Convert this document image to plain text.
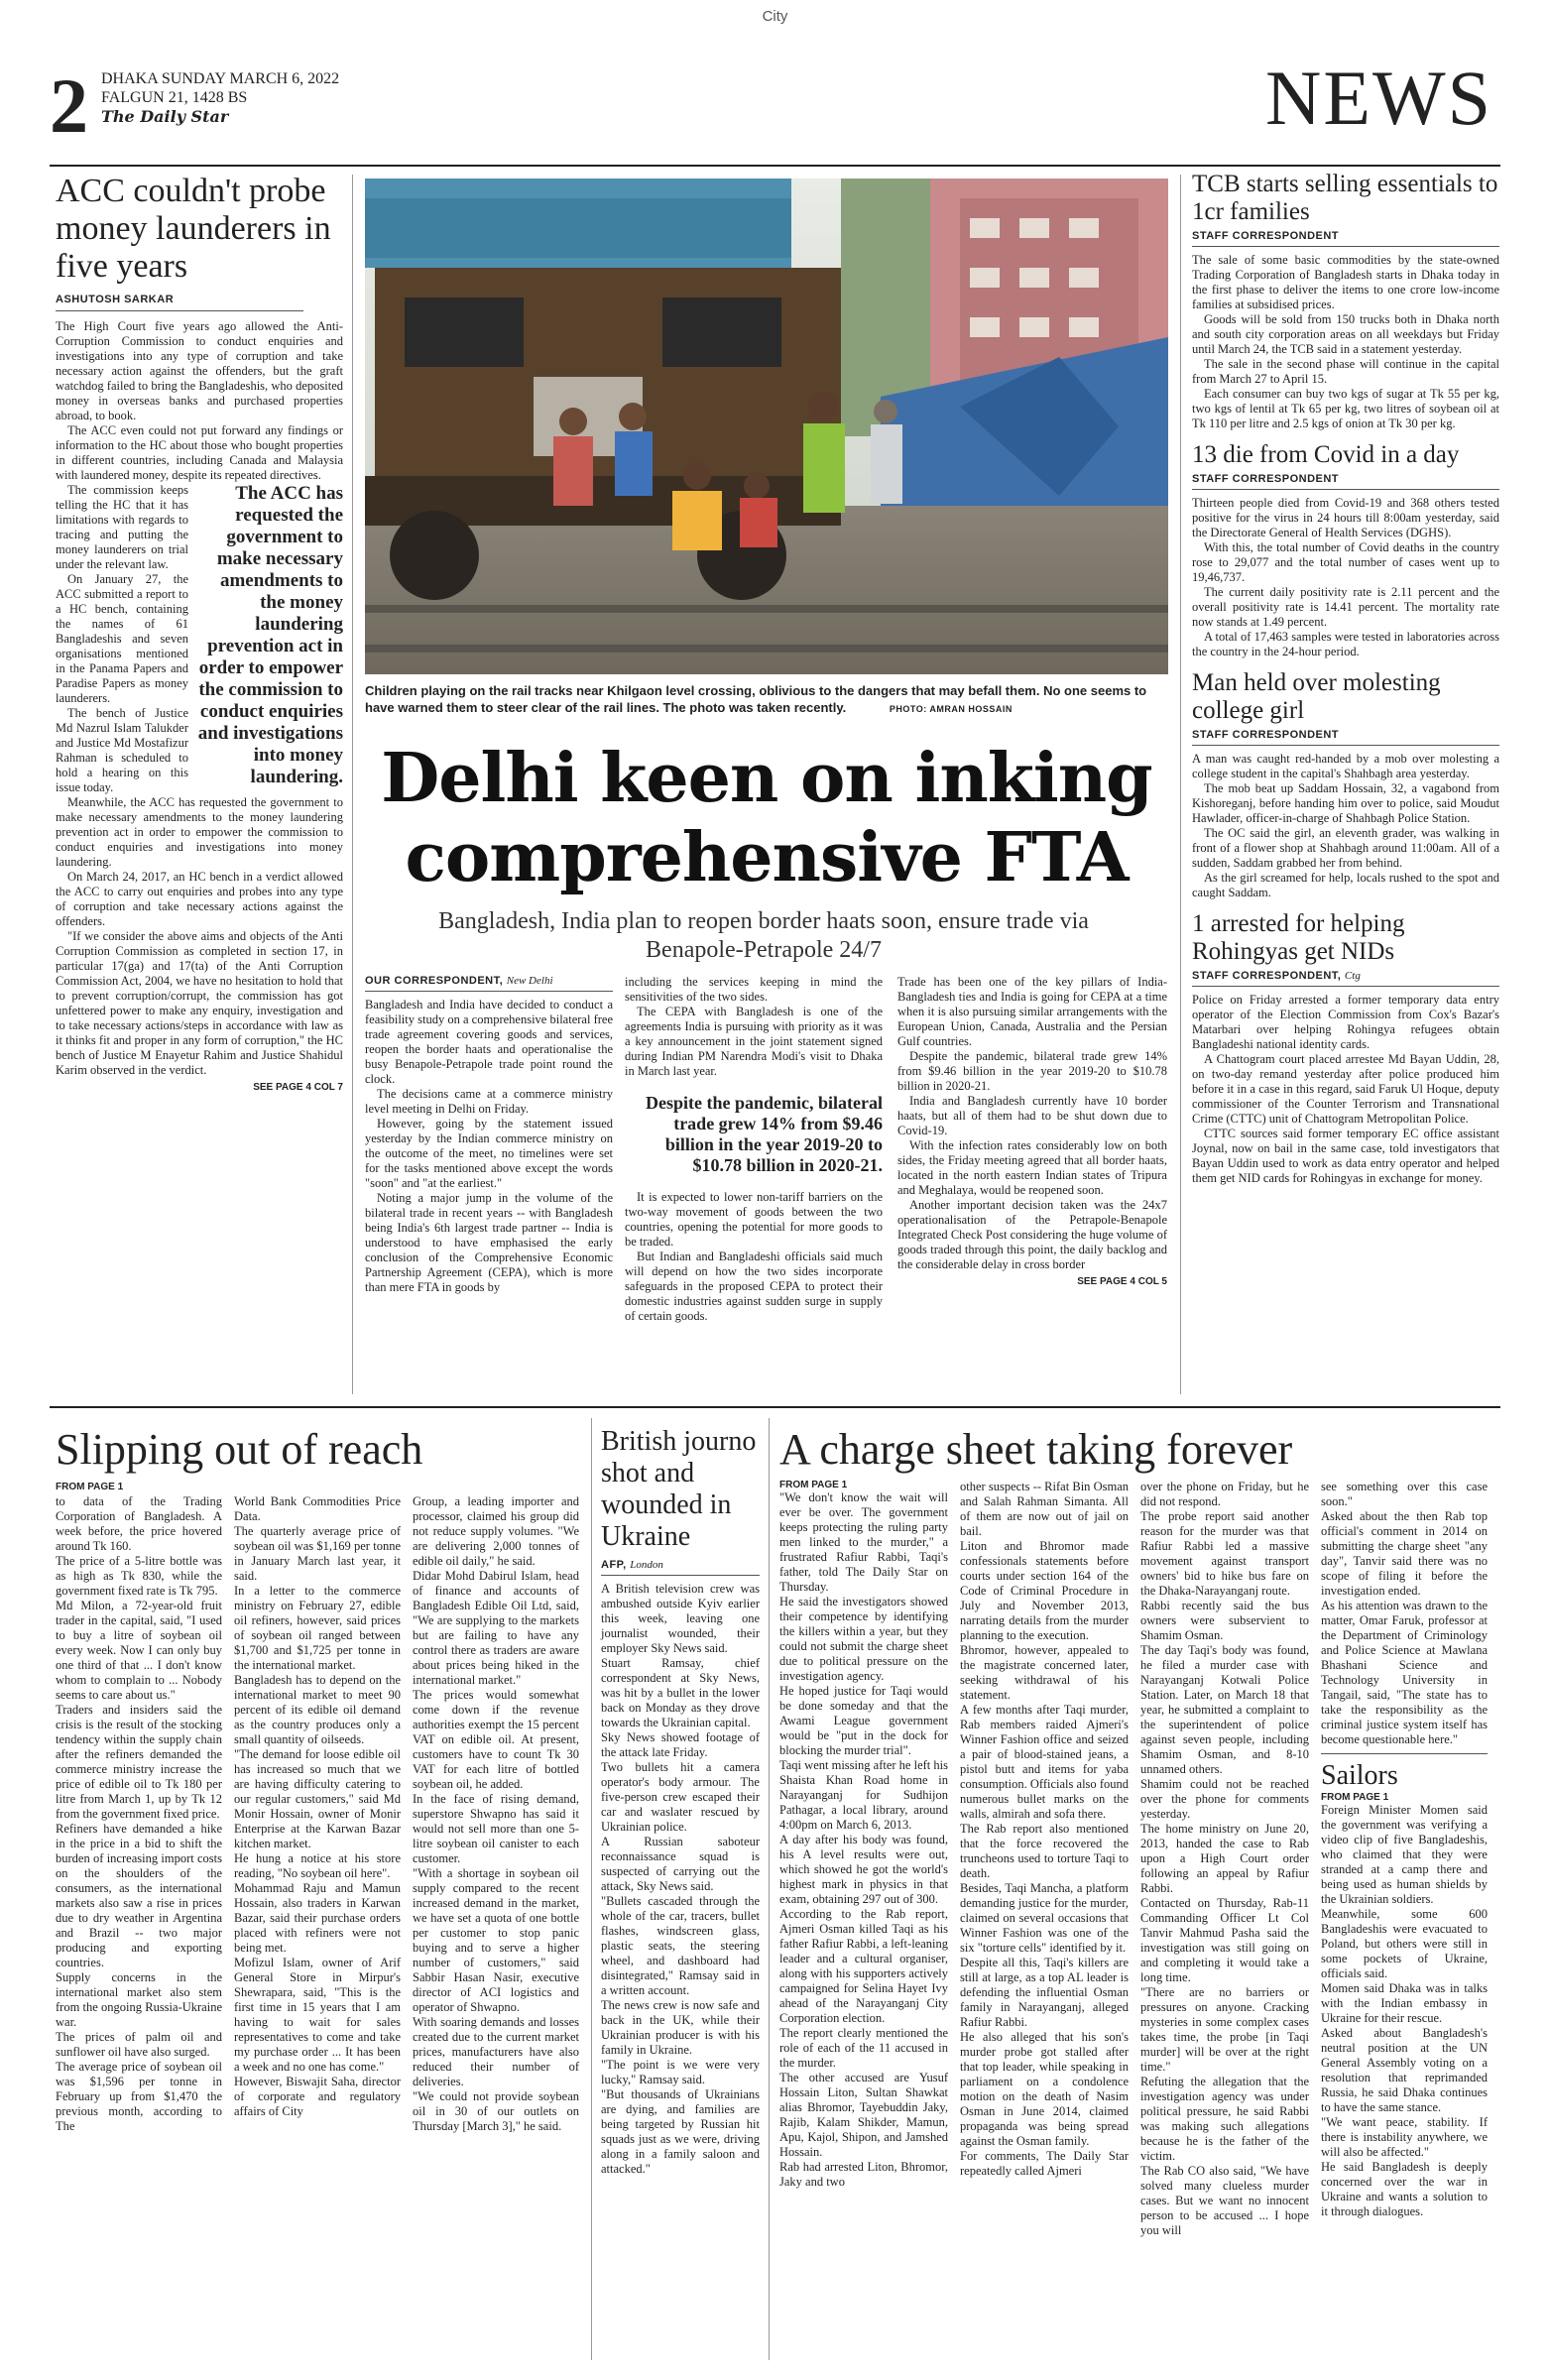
City
2 DHAKA SUNDAY MARCH 6, 2022
FALGUN 21, 1428 BS
The Daily Star	NEWS
ACC couldn't probe money launderers in five years
ASHUTOSH SARKAR

The High Court five years ago allowed the Anti-Corruption Commission to conduct enquiries and investigations into any type of corruption and take necessary action against the offenders, but the graft watchdog failed to bring the Bangladeshis, who deposited money in overseas banks and purchased properties abroad, to book.

The ACC even could not put forward any findings or information to the HC about those who bought properties in different countries, including Canada and Malaysia with laundered money, despite its repeated directives.

The ACC has requested the government to make necessary amendments to the money laundering prevention act in order to empower the commission to conduct enquiries and investigations into money laundering.

The commission keeps telling the HC that it has limitations with regards to tracing and putting the money launderers on trial under the relevant law.

On January 27, the ACC submitted a report to a HC bench, containing the names of 61 Bangladeshis and seven organisations mentioned in the Panama Papers and Paradise Papers as money launderers.

The bench of Justice Md Nazrul Islam Talukder and Justice Md Mostafizur Rahman is scheduled to hold a hearing on this issue today.

Meanwhile, the ACC has requested the government to make necessary amendments to the money laundering prevention act in order to empower the commission to conduct enquiries and investigations into money laundering.

On March 24, 2017, an HC bench in a verdict allowed the ACC to carry out enquiries and probes into any type of corruption and take necessary actions against the offenders.

"If we consider the above aims and objects of the Anti Corruption Commission as completed in section 17, in particular 17(ga) and 17(ta) of the Anti Corruption Commission Act, 2004, we have no hesitation to hold that to prevent corruption/corrupt, the commission has got unfettered power to make any enquiry, investigation and to take necessary actions/steps in accordance with law as it thinks fit and proper in any form of corruption," the HC bench of Justice M Enayetur Rahim and Justice Shahidul Karim observed in the verdict.

SEE PAGE 4 COL 7
Children playing on the rail tracks near Khilgaon level crossing, oblivious to the dangers that may befall them. No one seems to have warned them to steer clear of the rail lines. The photo was taken recently.	PHOTO: AMRAN HOSSAIN
Delhi keen on inking comprehensive FTA
Bangladesh, India plan to reopen border haats soon, ensure trade via Benapole-Petrapole 24/7
OUR CORRESPONDENT, New Delhi

Bangladesh and India have decided to conduct a feasibility study on a comprehensive bilateral free trade agreement covering goods and services, reopen the border haats and operationalise the busy Benapole-Petrapole trade point round the clock.

The decisions came at a commerce ministry level meeting in Delhi on Friday.

However, going by the statement issued yesterday by the Indian commerce ministry on the outcome of the meet, no timelines were set for the tasks mentioned above except the words "soon" and "at the earliest."

Noting a major jump in the volume of the bilateral trade in recent years -- with Bangladesh being India's 6th largest trade partner -- India is understood to have emphasised the early conclusion of the Comprehensive Economic Partnership Agreement (CEPA), which is more than mere FTA in goods by

including the services keeping in mind the sensitivities of the two sides.

The CEPA with Bangladesh is one of the agreements India is pursuing with priority as it was a key announcement in the joint statement signed during Indian PM Narendra Modi's visit to Dhaka in March last year.

Despite the pandemic, bilateral trade grew 14% from $9.46 billion in the year 2019-20 to $10.78 billion in 2020-21.

It is expected to lower non-tariff barriers on the two-way movement of goods between the two countries, opening the potential for more goods to be traded.

But Indian and Bangladeshi officials said much will depend on how the two sides incorporate safeguards in the proposed CEPA to protect their domestic industries against sudden surge in supply of certain goods.

Trade has been one of the key pillars of India-Bangladesh ties and India is going for CEPA at a time when it is also pursuing similar arrangements with the European Union, Canada, Australia and the Persian Gulf countries.

Despite the pandemic, bilateral trade grew 14% from $9.46 billion in the year 2019-20 to $10.78 billion in 2020-21.

India and Bangladesh currently have 10 border haats, but all of them had to be shut down due to Covid-19.

With the infection rates considerably low on both sides, the Friday meeting agreed that all border haats, located in the north eastern Indian states of Tripura and Meghalaya, would be reopened soon.

Another important decision taken was the 24x7 operationalisation of the Petrapole-Benapole Integrated Check Post considering the huge volume of goods traded through this point, the daily backlog and the considerable delay in cross border

SEE PAGE 4 COL 5
TCB starts selling essentials to 1cr families
STAFF CORRESPONDENT

The sale of some basic commodities by the state-owned Trading Corporation of Bangladesh starts in Dhaka today in the first phase to deliver the items to one crore low-income families at subsidised prices.

Goods will be sold from 150 trucks both in Dhaka north and south city corporation areas on all weekdays but Friday until March 24, the TCB said in a statement yesterday.

The sale in the second phase will continue in the capital from March 27 to April 15.

Each consumer can buy two kgs of sugar at Tk 55 per kg, two kgs of lentil at Tk 65 per kg, two litres of soybean oil at Tk 110 per litre and 2.5 kgs of onion at Tk 30 per kg.

13 die from Covid in a day
STAFF CORRESPONDENT

Thirteen people died from Covid-19 and 368 others tested positive for the virus in 24 hours till 8:00am yesterday, said the Directorate General of Health Services (DGHS).

With this, the total number of Covid deaths in the country rose to 29,077 and the total number of cases went up to 19,46,737.

The current daily positivity rate is 2.11 percent and the overall positivity rate is 14.41 percent. The mortality rate now stands at 1.49 percent.

A total of 17,463 samples were tested in laboratories across the country in the 24-hour period.

Man held over molesting college girl
STAFF CORRESPONDENT

A man was caught red-handed by a mob over molesting a college student in the capital's Shahbagh area yesterday.

The mob beat up Saddam Hossain, 32, a vagabond from Kishoreganj, before handing him over to police, said Moudut Hawlader, officer-in-charge of Shahbagh Police Station.

The OC said the girl, an eleventh grader, was walking in front of a flower shop at Shahbagh around 11:00am. All of a sudden, Saddam grabbed her from behind.

As the girl screamed for help, locals rushed to the spot and caught Saddam.

1 arrested for helping Rohingyas get NIDs
STAFF CORRESPONDENT, Ctg

Police on Friday arrested a former temporary data entry operator of the Election Commission from Cox's Bazar's Matarbari over helping Rohingya refugees obtain Bangladeshi national identity cards.

A Chattogram court placed arrestee Md Bayan Uddin, 28, on two-day remand yesterday after police produced him before it in a case in this regard, said Faruk Ul Hoque, deputy commissioner of the Counter Terrorism and Transnational Crime (CTTC) unit of Chattogram Metropolitan Police.

CTTC sources said former temporary EC office assistant Joynal, now on bail in the same case, told investigators that Bayan Uddin used to work as data entry operator and helped them get NID cards for Rohingyas in exchange for money.

Slipping out of reach
FROM PAGE 1
to data of the Trading Corporation of Bangladesh. A week before, the price hovered around Tk 160.
The price of a 5-litre bottle was as high as Tk 830, while the government fixed rate is Tk 795.
Md Milon, a 72-year-old fruit trader in the capital, said, "I used to buy a litre of soybean oil every week. Now I can only buy one third of that ... I don't know whom to complain to ... Nobody seems to care about us."
Traders and insiders said the crisis is the result of the stocking tendency within the supply chain after the refiners demanded the commerce ministry increase the price of edible oil to Tk 180 per litre from March 1, up by Tk 12 from the government fixed price.
Refiners have demanded a hike in the price in a bid to shift the burden of increasing import costs on the shoulders of the consumers, as the international markets also saw a rise in prices due to dry weather in Argentina and Brazil -- two major producing and exporting countries.
Supply concerns in the international market also stem from the ongoing Russia-Ukraine war.
The prices of palm oil and sunflower oil have also surged.
The average price of soybean oil was $1,596 per tonne in February up from $1,470 the previous month, according to The
World Bank Commodities Price Data.
The quarterly average price of soybean oil was $1,169 per tonne in January March last year, it said.
In a letter to the commerce ministry on February 27, edible oil refiners, however, said prices of soybean oil ranged between $1,700 and $1,725 per tonne in the international market.
Bangladesh has to depend on the international market to meet 90 percent of its edible oil demand as the country produces only a small quantity of oilseeds.
"The demand for loose edible oil has increased so much that we are having difficulty catering to our regular customers," said Md Monir Hossain, owner of Monir Enterprise at the Karwan Bazar kitchen market.
He hung a notice at his store reading, "No soybean oil here".
Mohammad Raju and Mamun Hossain, also traders in Karwan Bazar, said their purchase orders placed with refiners were not being met.
Mofizul Islam, owner of Arif General Store in Mirpur's Shewrapara, said, "This is the first time in 15 years that I am having to wait for sales representatives to come and take my purchase order ... It has been a week and no one has come."
However, Biswajit Saha, director of corporate and regulatory affairs of City
Group, a leading importer and processor, claimed his group did not reduce supply volumes. "We are delivering 2,000 tonnes of edible oil daily," he said.
Didar Mohd Dabirul Islam, head of finance and accounts of Bangladesh Edible Oil Ltd, said, "We are supplying to the markets but are failing to have any control there as traders are aware about prices being hiked in the international market."
The prices would somewhat come down if the revenue authorities exempt the 15 percent VAT on edible oil. At present, customers have to count Tk 30 VAT for each litre of bottled soybean oil, he added.
In the face of rising demand, superstore Shwapno has said it would not sell more than one 5-litre soybean oil canister to each customer.
"With a shortage in soybean oil supply compared to the recent increased demand in the market, we have set a quota of one bottle per customer to stop panic buying and to serve a higher number of customers," said Sabbir Hasan Nasir, executive director of ACI logistics and operator of Shwapno.
With soaring demands and losses created due to the current market prices, manufacturers have also reduced their number of deliveries.
"We could not provide soybean oil in 30 of our outlets on Thursday [March 3]," he said.
British journo shot and wounded in Ukraine
AFP, London
A British television crew was ambushed outside Kyiv earlier this week, leaving one journalist wounded, their employer Sky News said.
Stuart Ramsay, chief correspondent at Sky News, was hit by a bullet in the lower back on Monday as they drove towards the Ukrainian capital.
Sky News showed footage of the attack late Friday.
Two bullets hit a camera operator's body armour. The five-person crew escaped their car and waslater rescued by Ukrainian police.
A Russian saboteur reconnaissance squad is suspected of carrying out the attack, Sky News said.
"Bullets cascaded through the whole of the car, tracers, bullet flashes, windscreen glass, plastic seats, the steering wheel, and dashboard had disintegrated," Ramsay said in a written account.
The news crew is now safe and back in the UK, while their Ukrainian producer is with his family in Ukraine.
"The point is we were very lucky," Ramsay said.
"But thousands of Ukrainians are dying, and families are being targeted by Russian hit squads just as we were, driving along in a family saloon and attacked."
A charge sheet taking forever
FROM PAGE 1
"We don't know the wait will ever be over. The government keeps protecting the ruling party men linked to the murder," a frustrated Rafiur Rabbi, Taqi's father, told The Daily Star on Thursday.
He said the investigators showed their competence by identifying the killers within a year, but they could not submit the charge sheet due to political pressure on the investigation agency.
He hoped justice for Taqi would be done someday and that the Awami League government would be "put in the dock for blocking the murder trial".
Taqi went missing after he left his Shaista Khan Road home in Narayanganj for Sudhijon Pathagar, a local library, around 4:00pm on March 6, 2013.
A day after his body was found, his A level results were out, which showed he got the world's highest mark in physics in that exam, obtaining 297 out of 300.
According to the Rab report, Ajmeri Osman killed Taqi as his father Rafiur Rabbi, a left-leaning leader and a cultural organiser, along with his supporters actively campaigned for Selina Hayet Ivy ahead of the Narayanganj City Corporation election.
The report clearly mentioned the role of each of the 11 accused in the murder.
The other accused are Yusuf Hossain Liton, Sultan Shawkat alias Bhromor, Tayebuddin Jaky, Rajib, Kalam Shikder, Mamun, Apu, Kajol, Shipon, and Jamshed Hossain.
Rab had arrested Liton, Bhromor, Jaky and two
other suspects -- Rifat Bin Osman and Salah Rahman Simanta. All of them are now out of jail on bail.
Liton and Bhromor made confessionals statements before courts under section 164 of the Code of Criminal Procedure in July and November 2013, narrating details from the murder planning to the execution.
Bhromor, however, appealed to the magistrate concerned later, seeking withdrawal of his statement.
A few months after Taqi murder, Rab members raided Ajmeri's Winner Fashion office and seized a pair of blood-stained jeans, a pistol butt and items for yaba consumption. Officials also found numerous bullet marks on the walls, almirah and sofa there.
The Rab report also mentioned that the force recovered the truncheons used to torture Taqi to death.
Besides, Taqi Mancha, a platform demanding justice for the murder, claimed on several occasions that Winner Fashion was one of the six "torture cells" identified by it.
Despite all this, Taqi's killers are still at large, as a top AL leader is defending the influential Osman family in Narayanganj, alleged Rafiur Rabbi.
He also alleged that his son's murder probe got stalled after that top leader, while speaking in parliament on a condolence motion on the death of Nasim Osman in June 2014, claimed propaganda was being spread against the Osman family.
For comments, The Daily Star repeatedly called Ajmeri
over the phone on Friday, but he did not respond.
The probe report said another reason for the murder was that Rafiur Rabbi led a massive movement against transport owners' bid to hike bus fare on the Dhaka-Narayanganj route.
Rabbi recently said the bus owners were subservient to Shamim Osman.
The day Taqi's body was found, he filed a murder case with Narayanganj Kotwali Police Station. Later, on March 18 that year, he submitted a complaint to the superintendent of police against seven people, including Shamim Osman, and 8-10 unnamed others.
Shamim could not be reached over the phone for comments yesterday.
The home ministry on June 20, 2013, handed the case to Rab upon a High Court order following an appeal by Rafiur Rabbi.
Contacted on Thursday, Rab-11 Commanding Officer Lt Col Tanvir Mahmud Pasha said the investigation was still going on and completing it would take a long time.
"There are no barriers or pressures on anyone. Cracking mysteries in some complex cases takes time, the probe [in Taqi murder] will be over at the right time."
Refuting the allegation that the investigation agency was under political pressure, he said Rabbi was making such allegations because he is the father of the victim.
The Rab CO also said, "We have solved many clueless murder cases. But we want no innocent person to be accused ... I hope you will
see something over this case soon."
Asked about the then Rab top official's comment in 2014 on submitting the charge sheet "any day", Tanvir said there was no scope of filing it before the investigation ended.
As his attention was drawn to the matter, Omar Faruk, professor at the Department of Criminology and Police Science at Mawlana Bhashani Science and Technology University in Tangail, said, "The state has to take the responsibility as the criminal justice system itself has become questionable here."
Sailors
FROM PAGE 1
Foreign Minister Momen said the government was verifying a video clip of five Bangladeshis, who claimed that they were stranded at a camp there and being used as human shields by the Ukrainian soldiers.
Meanwhile, some 600 Bangladeshis were evacuated to Poland, but others were still in some pockets of Ukraine, officials said.
Momen said Dhaka was in talks with the Indian embassy in Ukraine for their rescue.
Asked about Bangladesh's neutral position at the UN General Assembly voting on a resolution that reprimanded Russia, he said Dhaka continues to have the same stance.
"We want peace, stability. If there is instability anywhere, we will also be affected."
He said Bangladesh is deeply concerned over the war in Ukraine and wants a solution to it through dialogues.
